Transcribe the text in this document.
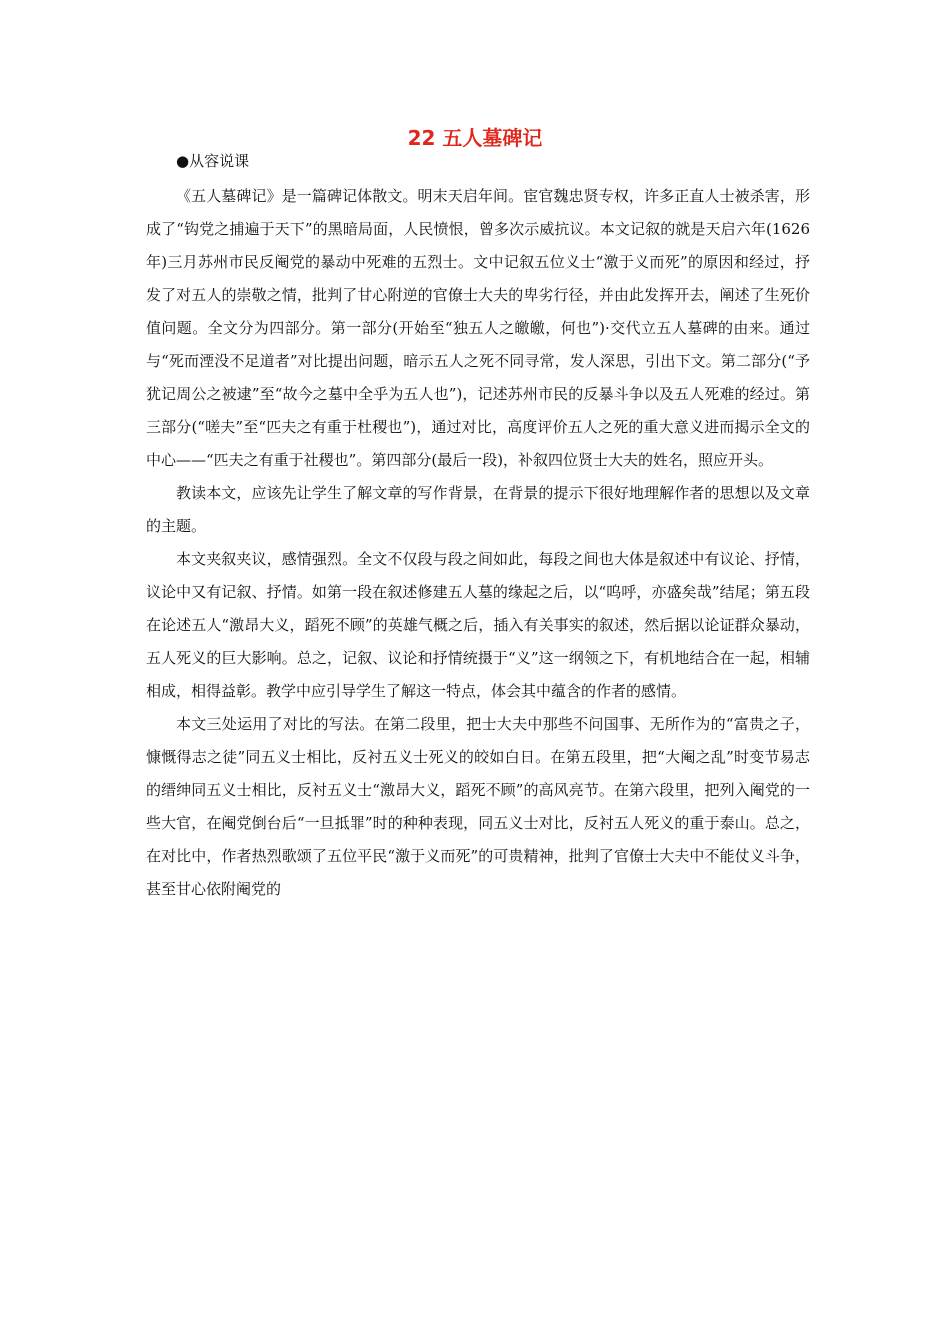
22 五人墓碑记
●从容说课

《五人墓碑记》是一篇碑记体散文。明末天启年间。宦官魏忠贤专权，许多正直人士被杀害，形成了“钩党之捕遍于天下”的黑暗局面，人民愤恨，曾多次示威抗议。本文记叙的就是天启六年(1626年)三月苏州市民反阉党的暴动中死难的五烈士。文中记叙五位义士“激于义而死”的原因和经过，抒发了对五人的崇敬之情，批判了甘心附逆的官僚士大夫的卑劣行径，并由此发挥开去，阐述了生死价值问题。全文分为四部分。第一部分(开始至“独五人之皦皦，何也”)·交代立五人墓碑的由来。通过与“死而湮没不足道者”对比提出问题，暗示五人之死不同寻常，发人深思，引出下文。第二部分(“予犹记周公之被逮”至“故今之墓中全乎为五人也”)，记述苏州市民的反暴斗争以及五人死难的经过。第三部分(“嗟夫”至“匹夫之有重于杜稷也”)，通过对比，高度评价五人之死的重大意义进而揭示全文的中心——“匹夫之有重于社稷也”。第四部分(最后一段)，补叙四位贤士大夫的姓名，照应开头。

教读本文，应该先让学生了解文章的写作背景，在背景的提示下很好地理解作者的思想以及文章的主题。

本文夹叙夹议，感情强烈。全文不仅段与段之间如此，每段之间也大体是叙述中有议论、抒情，议论中又有记叙、抒情。如第一段在叙述修建五人墓的缘起之后，以“呜呼，亦盛矣哉”结尾；第五段在论述五人“激昂大义，蹈死不顾”的英雄气概之后，插入有关事实的叙述，然后据以论证群众暴动，五人死义的巨大影响。总之，记叙、议论和抒情统摄于“义”这一纲领之下，有机地结合在一起，相辅相成，相得益彰。教学中应引导学生了解这一特点，体会其中蕴含的作者的感情。

本文三处运用了对比的写法。在第二段里，把士大夫中那些不问国事、无所作为的“富贵之子，慷慨得志之徒”同五义士相比，反衬五义士死义的皎如白日。在第五段里，把“大阉之乱”时变节易志的缙绅同五义士相比，反衬五义士“激昂大义，蹈死不顾”的高风亮节。在第六段里，把列入阉党的一些大官，在阉党倒台后“一旦抵罪”时的种种表现，同五义士对比，反衬五人死义的重于泰山。总之，在对比中，作者热烈歌颂了五位平民“激于义而死”的可贵精神，批判了官僚士大夫中不能仗义斗争，甚至甘心依附阉党的
